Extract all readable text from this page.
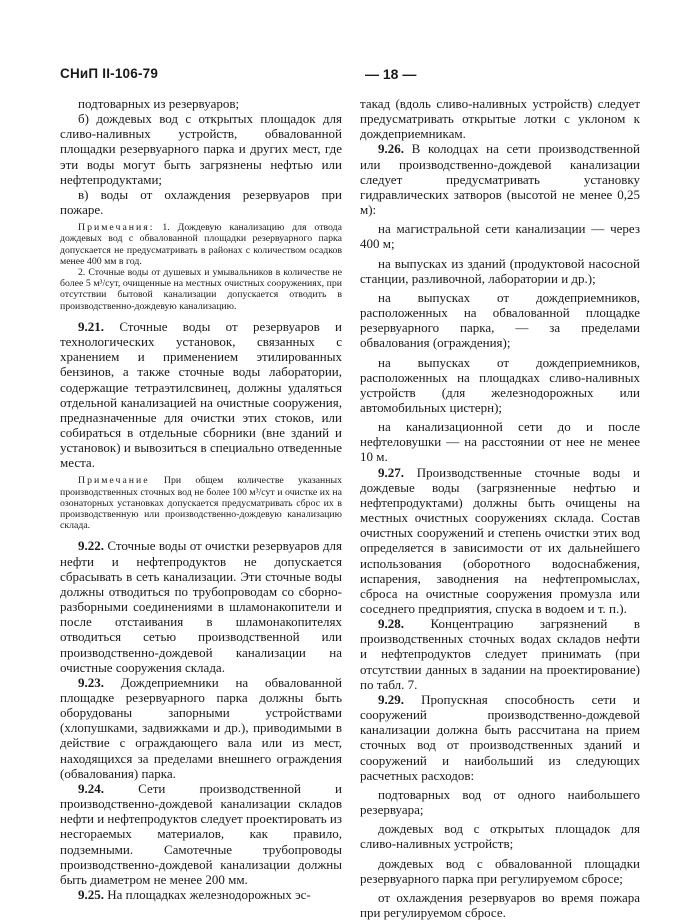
СНиП II-106-79	— 18 —

подтоварных из резервуаров;

б) дождевых вод с открытых площадок для сливо-наливных устройств, обвалованной площадки резервуарного парка и других мест, где эти воды могут быть загрязнены нефтью или нефтепродуктами;

в) воды от охлаждения резервуаров при пожаре.

Примечания: 1. Дождевую канализацию для отвода дождевых вод с обвалованной площадки резервуарного парка допускается не предусматривать в районах с количеством осадков менее 400 мм в год.
2. Сточные воды от душевых и умывальников в количестве не более 5 м³/сут, очищенные на местных очистных сооружениях, при отсутствии бытовой канализации допускается отводить в производственно-дождевую канализацию.

9.21. Сточные воды от резервуаров и технологических установок, связанных с хранением и применением этилированных бензинов, а также сточные воды лаборатории, содержащие тетраэтилсвинец, должны удаляться отдельной канализацией на очистные сооружения, предназначенные для очистки этих стоков, или собираться в отдельные сборники (вне зданий и установок) и вывозиться в специально отведенные места.

Примечание При общем количестве указанных производственных сточных вод не более 100 м³/сут и очистке их на озонаторных установках допускается предусматривать сброс их в производственную или производственно-дождевую канализацию склада.

9.22. Сточные воды от очистки резервуаров для нефти и нефтепродуктов не допускается сбрасывать в сеть канализации. Эти сточные воды должны отводиться по трубопроводам со сборно-разборными соединениями в шламонакопители и после отстаивания в шламонакопителях отводиться сетью производственной или производственно-дождевой канализации на очистные сооружения склада.

9.23. Дождеприемники на обвалованной площадке резервуарного парка должны быть оборудованы запорными устройствами (хлопушками, задвижками и др.), приводимыми в действие с ограждающего вала или из мест, находящихся за пределами внешнего ограждения (обвалования) парка.

9.24.	Сети производственной и производственно-дождевой канализации складов нефти и нефтепродуктов следует проектировать из несгораемых материалов, как правило, подземными. Самотечные трубопроводы производственно-дождевой канализации должны быть диаметром не менее 200 мм.

9.25. На площадках железнодорожных эс-

такад (вдоль сливо-наливных устройств) следует предусматривать открытые лотки с уклоном к дождеприемникам.

9.26. В колодцах на сети производственной или производственно-дождевой канализации следует предусматривать установку гидравлических затворов (высотой не менее 0,25 м):

на магистральной сети канализации — через 400 м;

на выпусках из зданий (продуктовой насосной станции, разливочной, лаборатории и др.);

на выпусках от дождеприемников, расположенных на обвалованной площадке резервуарного парка, — за пределами обвалования (ограждения);

на выпусках от дождеприемников, расположенных на площадках сливо-наливных устройств (для железнодорожных или автомобильных цистерн);

на канализационной сети до и после нефтеловушки — на расстоянии от нее не менее 10 м.

9.27. Производственные сточные воды и дождевые воды (загрязненные нефтью и нефтепродуктами) должны быть очищены на местных очистных сооружениях склада. Состав очистных сооружений и степень очистки этих вод определяется в зависимости от их дальнейшего использования (оборотного водоснабжения, испарения, заводнения на нефтепромыслах, сброса на очистные сооружения промузла или соседнего предприятия, спуска в водоем и т. п.).

9.28. Концентрацию загрязнений в производственных сточных водах складов нефти и нефтепродуктов следует принимать (при отсутствии данных в задании на проектирование) по табл. 7.

9.29. Пропускная способность сети и сооружений производственно-дождевой канализации должна быть рассчитана на прием сточных вод от производственных зданий и сооружений и наибольший из следующих расчетных расходов:

подтоварных вод от одного наибольшего резервуара;

дождевых вод с открытых площадок для сливо-наливных устройств;

дождевых вод с обвалованной площадки резервуарного парка при регулируемом сбросе;

от охлаждения резервуаров во время пожара при регулируемом сбросе.
